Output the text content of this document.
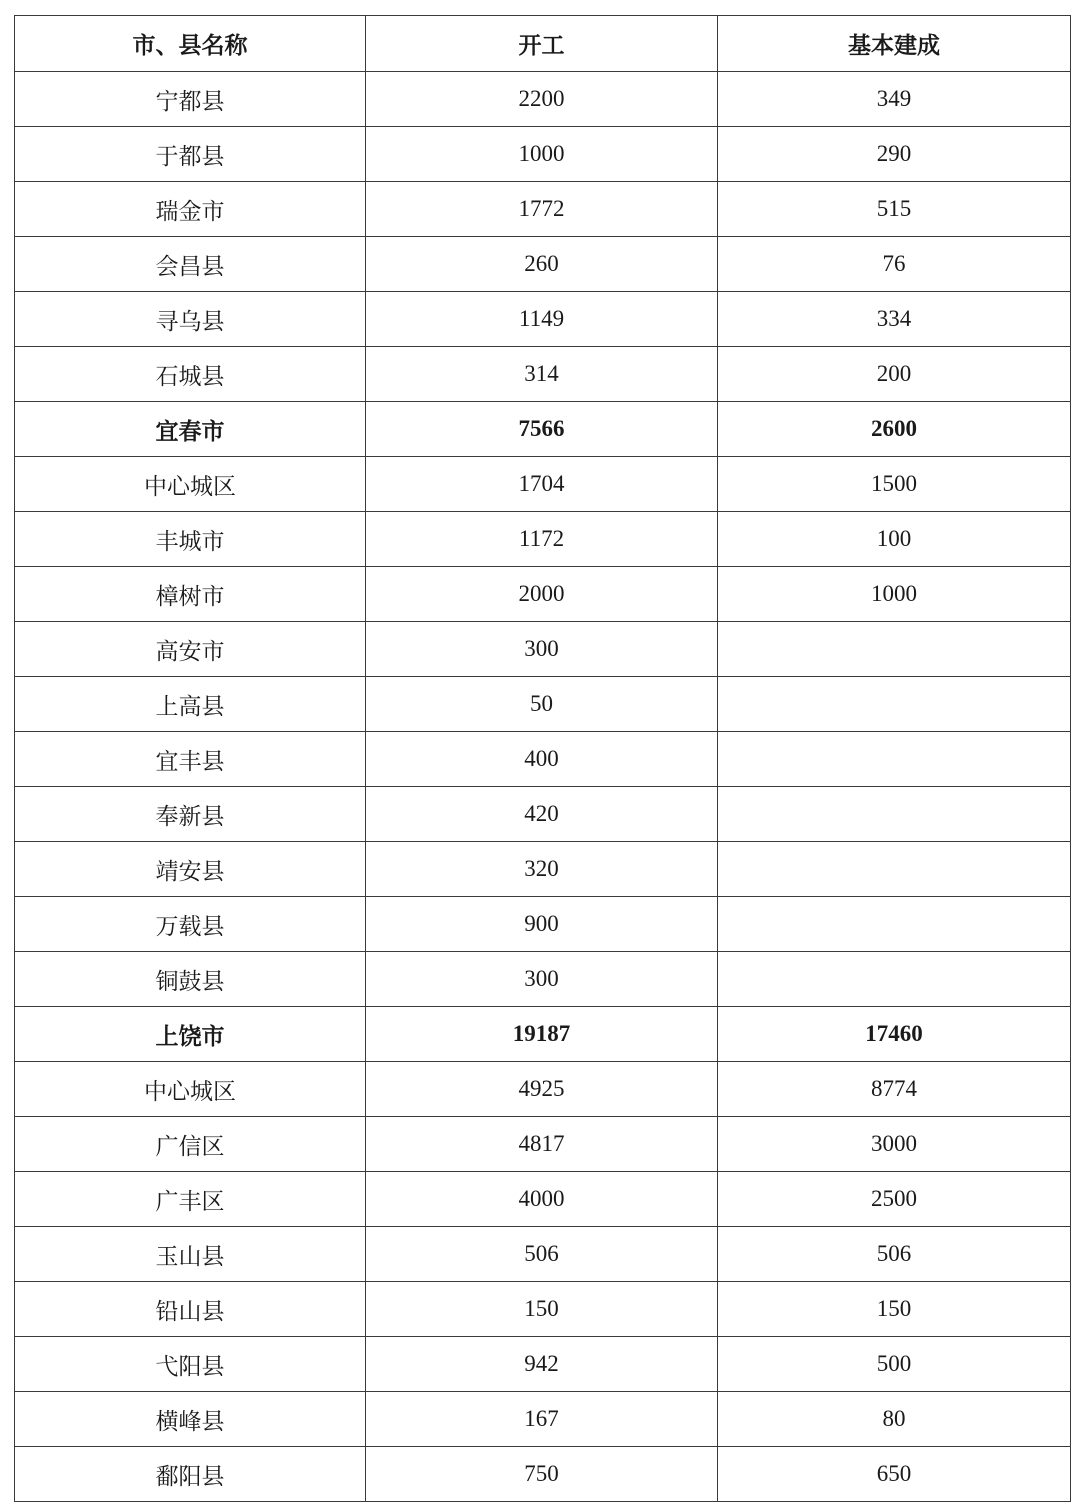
市、县名称	开工	基本建成
宁都县	2200	349
于都县	1000	290
瑞金市	1772	515
会昌县	260	76
寻乌县	1149	334
石城县	314	200
宜春市	7566	2600
中心城区	1704	1500
丰城市	1172	100
樟树市	2000	1000
高安市	300	
上高县	50	
宜丰县	400	
奉新县	420	
靖安县	320	
万载县	900	
铜鼓县	300	
上饶市	19187	17460
中心城区	4925	8774
广信区	4817	3000
广丰区	4000	2500
玉山县	506	506
铅山县	150	150
弋阳县	942	500
横峰县	167	80
鄱阳县	750	650
